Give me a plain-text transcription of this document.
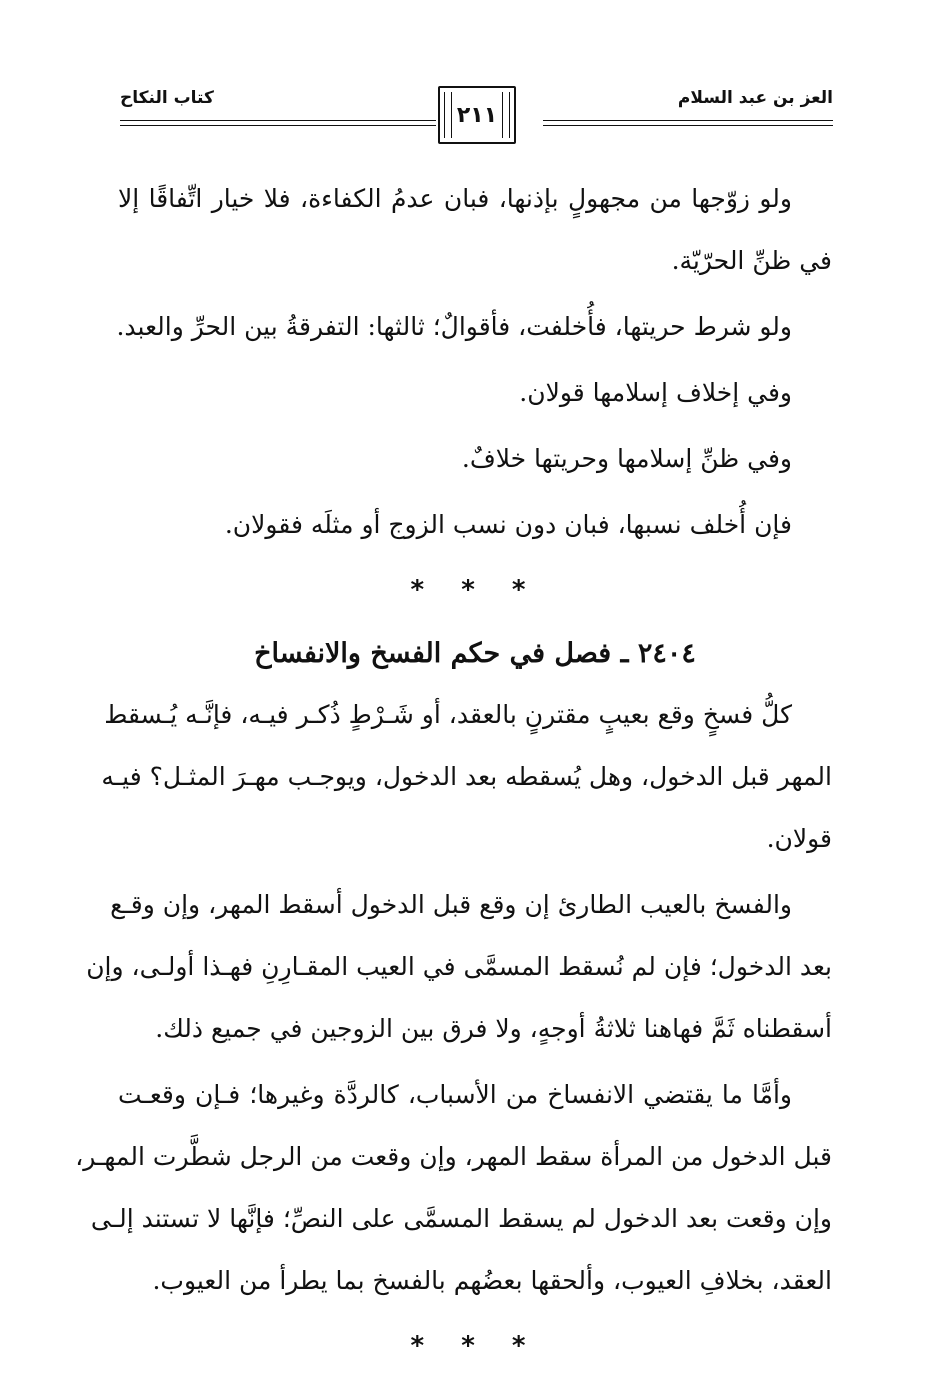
العز بن عبد السلام
كتاب النكاح
٢١١
ولو زوّجها من مجهولٍ بإذنها، فبان عدمُ الكفاءة، فلا خيار اتِّفاقًا إلا
في ظنِّ الحرّيّة.
ولو شرط حريتها، فأُخلفت، فأقوالٌ؛ ثالثها: التفرقةُ بين الحرِّ والعبد.
وفي إخلاف إسلامها قولان.
وفي ظنِّ إسلامها وحريتها خلافٌ.
فإن أُخلف نسبها، فبان دون نسب الزوج أو مثلَه فقولان.
* * *
٢٤٠٤ ـ فصل في حكم الفسخ والانفساخ
كلُّ فسخٍ وقع بعيبٍ مقترنٍ بالعقد، أو شَـرْطٍ ذُكـر فيـه، فإنَّـه يُـسقط
المهر قبل الدخول، وهل يُسقطه بعد الدخول، ويوجـب مهـرَ المثـل؟ فيـه
قولان.
والفسخ بالعيب الطارئ إن وقع قبل الدخول أسقط المهر، وإن وقـع
بعد الدخول؛ فإن لم نُسقط المسمَّى في العيب المقـارِنِ فهـذا أولـى، وإن
أسقطناه ثَمَّ فهاهنا ثلاثةُ أوجهٍ، ولا فرق بين الزوجين في جميع ذلك.
وأمَّا ما يقتضي الانفساخ من الأسباب، كالردَّة وغيرها؛ فـإن وقعـت
قبل الدخول من المرأة سقط المهر، وإن وقعت من الرجل شطَّرت المهـر،
وإن وقعت بعد الدخول لم يسقط المسمَّى على النصِّ؛ فإنَّها لا تستند إلـى
العقد، بخلافِ العيوب، وألحقها بعضُهم بالفسخ بما يطرأ من العيوب.
* * *
